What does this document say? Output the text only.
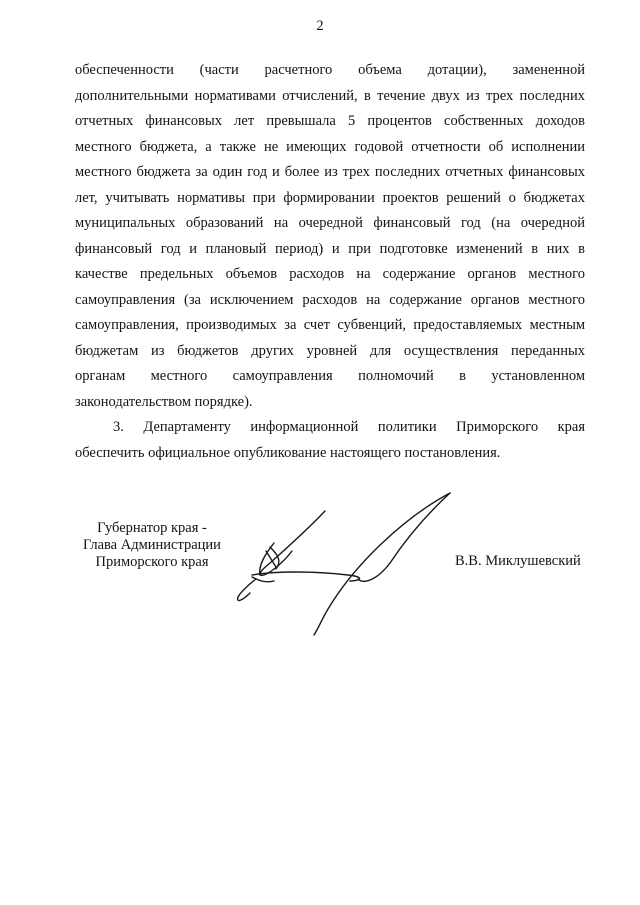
2
обеспеченности (части расчетного объема дотации), замененной
дополнительными нормативами отчислений, в течение двух из трех последних
отчетных финансовых лет превышала 5 процентов собственных доходов
местного бюджета, а также не имеющих годовой отчетности об исполнении
местного бюджета за один год и более из трех последних отчетных финансовых
лет, учитывать нормативы при формировании проектов решений о бюджетах
муниципальных образований на очередной финансовый год (на очередной
финансовый год и плановый период) и при подготовке изменений в них в
качестве предельных объемов расходов на содержание органов местного
самоуправления (за исключением расходов на содержание органов местного
самоуправления, производимых за счет субвенций, предоставляемых местным
бюджетам из бюджетов других уровней для осуществления переданных
органам местного самоуправления полномочий в установленном
законодательством порядке).
3. Департаменту информационной политики Приморского края
обеспечить официальное опубликование настоящего постановления.
Губернатор края -
Глава Администрации
Приморского края	В.В. Миклушевский
